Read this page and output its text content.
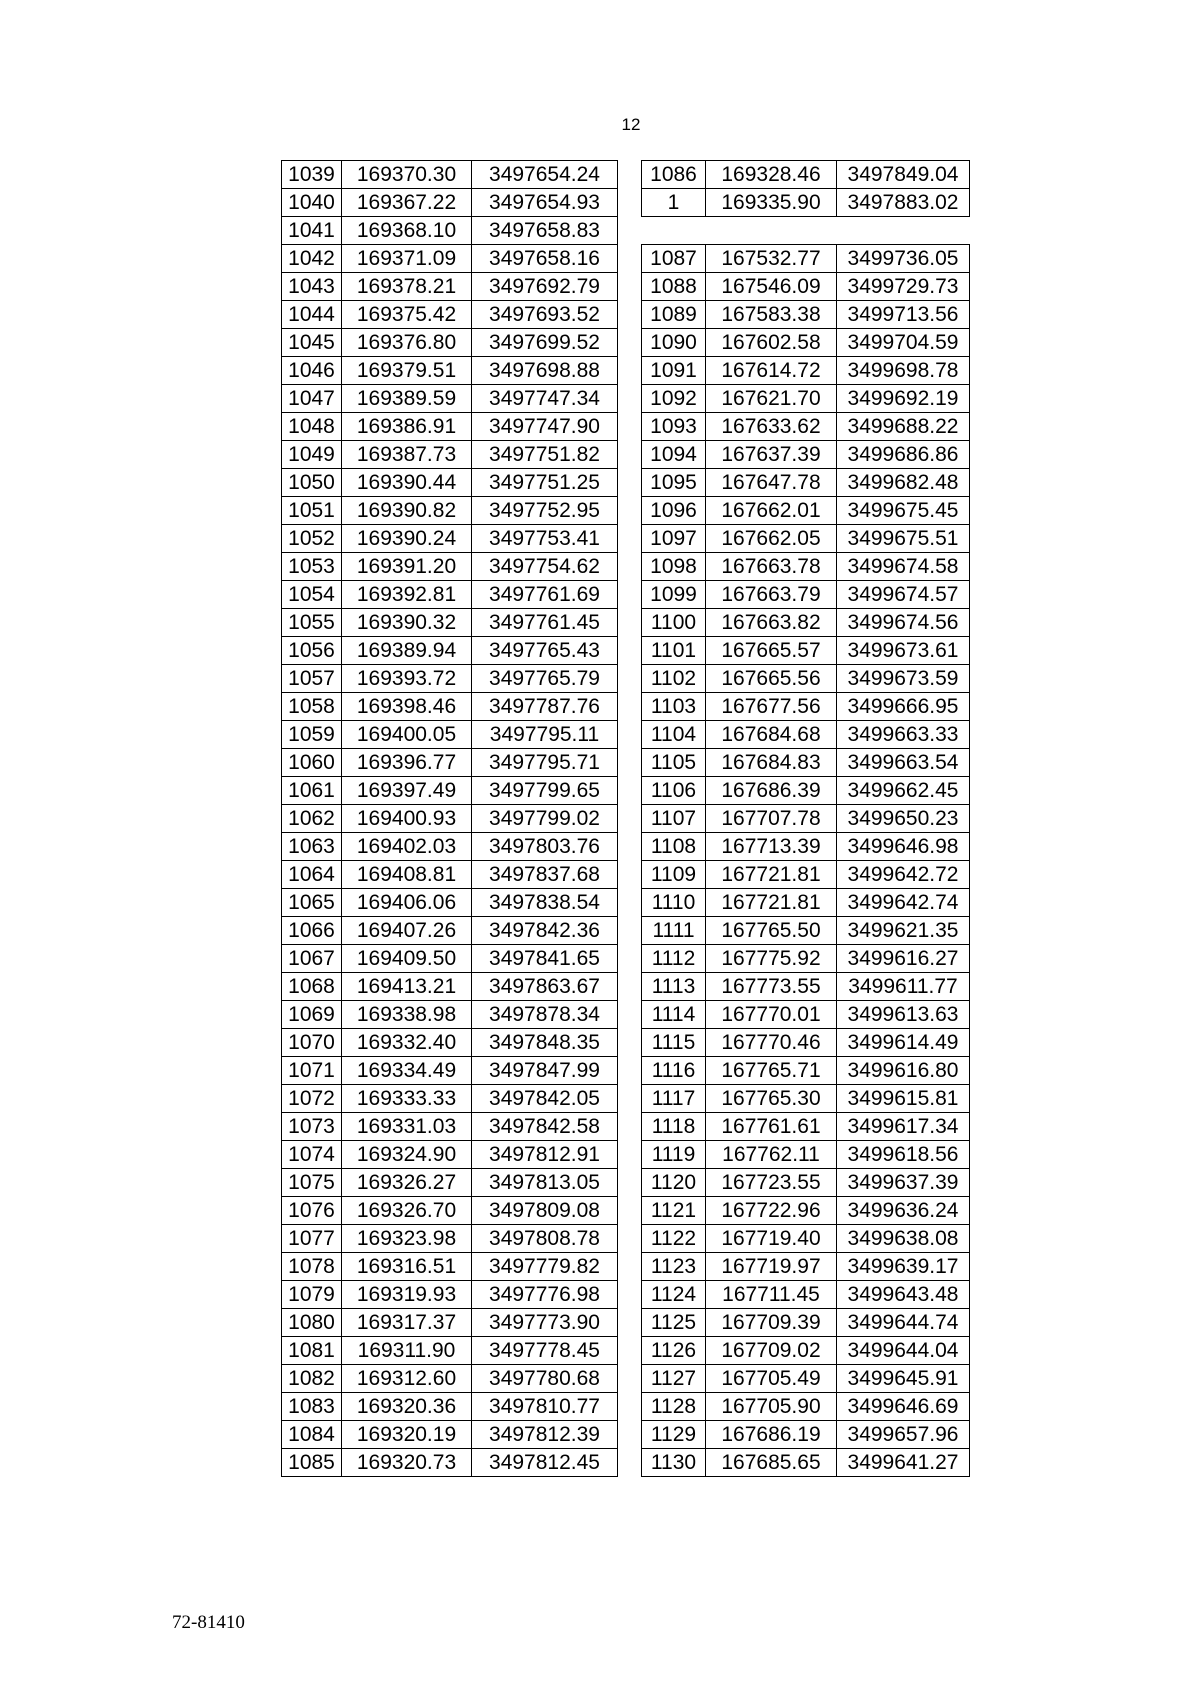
12
1039	169370.30	3497654.24
1040	169367.22	3497654.93
1041	169368.10	3497658.83
1042	169371.09	3497658.16
1043	169378.21	3497692.79
1044	169375.42	3497693.52
1045	169376.80	3497699.52
1046	169379.51	3497698.88
1047	169389.59	3497747.34
1048	169386.91	3497747.90
1049	169387.73	3497751.82
1050	169390.44	3497751.25
1051	169390.82	3497752.95
1052	169390.24	3497753.41
1053	169391.20	3497754.62
1054	169392.81	3497761.69
1055	169390.32	3497761.45
1056	169389.94	3497765.43
1057	169393.72	3497765.79
1058	169398.46	3497787.76
1059	169400.05	3497795.11
1060	169396.77	3497795.71
1061	169397.49	3497799.65
1062	169400.93	3497799.02
1063	169402.03	3497803.76
1064	169408.81	3497837.68
1065	169406.06	3497838.54
1066	169407.26	3497842.36
1067	169409.50	3497841.65
1068	169413.21	3497863.67
1069	169338.98	3497878.34
1070	169332.40	3497848.35
1071	169334.49	3497847.99
1072	169333.33	3497842.05
1073	169331.03	3497842.58
1074	169324.90	3497812.91
1075	169326.27	3497813.05
1076	169326.70	3497809.08
1077	169323.98	3497808.78
1078	169316.51	3497779.82
1079	169319.93	3497776.98
1080	169317.37	3497773.90
1081	169311.90	3497778.45
1082	169312.60	3497780.68
1083	169320.36	3497810.77
1084	169320.19	3497812.39
1085	169320.73	3497812.45
1086	169328.46	3497849.04
1	169335.90	3497883.02
1087	167532.77	3499736.05
1088	167546.09	3499729.73
1089	167583.38	3499713.56
1090	167602.58	3499704.59
1091	167614.72	3499698.78
1092	167621.70	3499692.19
1093	167633.62	3499688.22
1094	167637.39	3499686.86
1095	167647.78	3499682.48
1096	167662.01	3499675.45
1097	167662.05	3499675.51
1098	167663.78	3499674.58
1099	167663.79	3499674.57
1100	167663.82	3499674.56
1101	167665.57	3499673.61
1102	167665.56	3499673.59
1103	167677.56	3499666.95
1104	167684.68	3499663.33
1105	167684.83	3499663.54
1106	167686.39	3499662.45
1107	167707.78	3499650.23
1108	167713.39	3499646.98
1109	167721.81	3499642.72
1110	167721.81	3499642.74
1111	167765.50	3499621.35
1112	167775.92	3499616.27
1113	167773.55	3499611.77
1114	167770.01	3499613.63
1115	167770.46	3499614.49
1116	167765.71	3499616.80
1117	167765.30	3499615.81
1118	167761.61	3499617.34
1119	167762.11	3499618.56
1120	167723.55	3499637.39
1121	167722.96	3499636.24
1122	167719.40	3499638.08
1123	167719.97	3499639.17
1124	167711.45	3499643.48
1125	167709.39	3499644.74
1126	167709.02	3499644.04
1127	167705.49	3499645.91
1128	167705.90	3499646.69
1129	167686.19	3499657.96
1130	167685.65	3499641.27
72-81410
